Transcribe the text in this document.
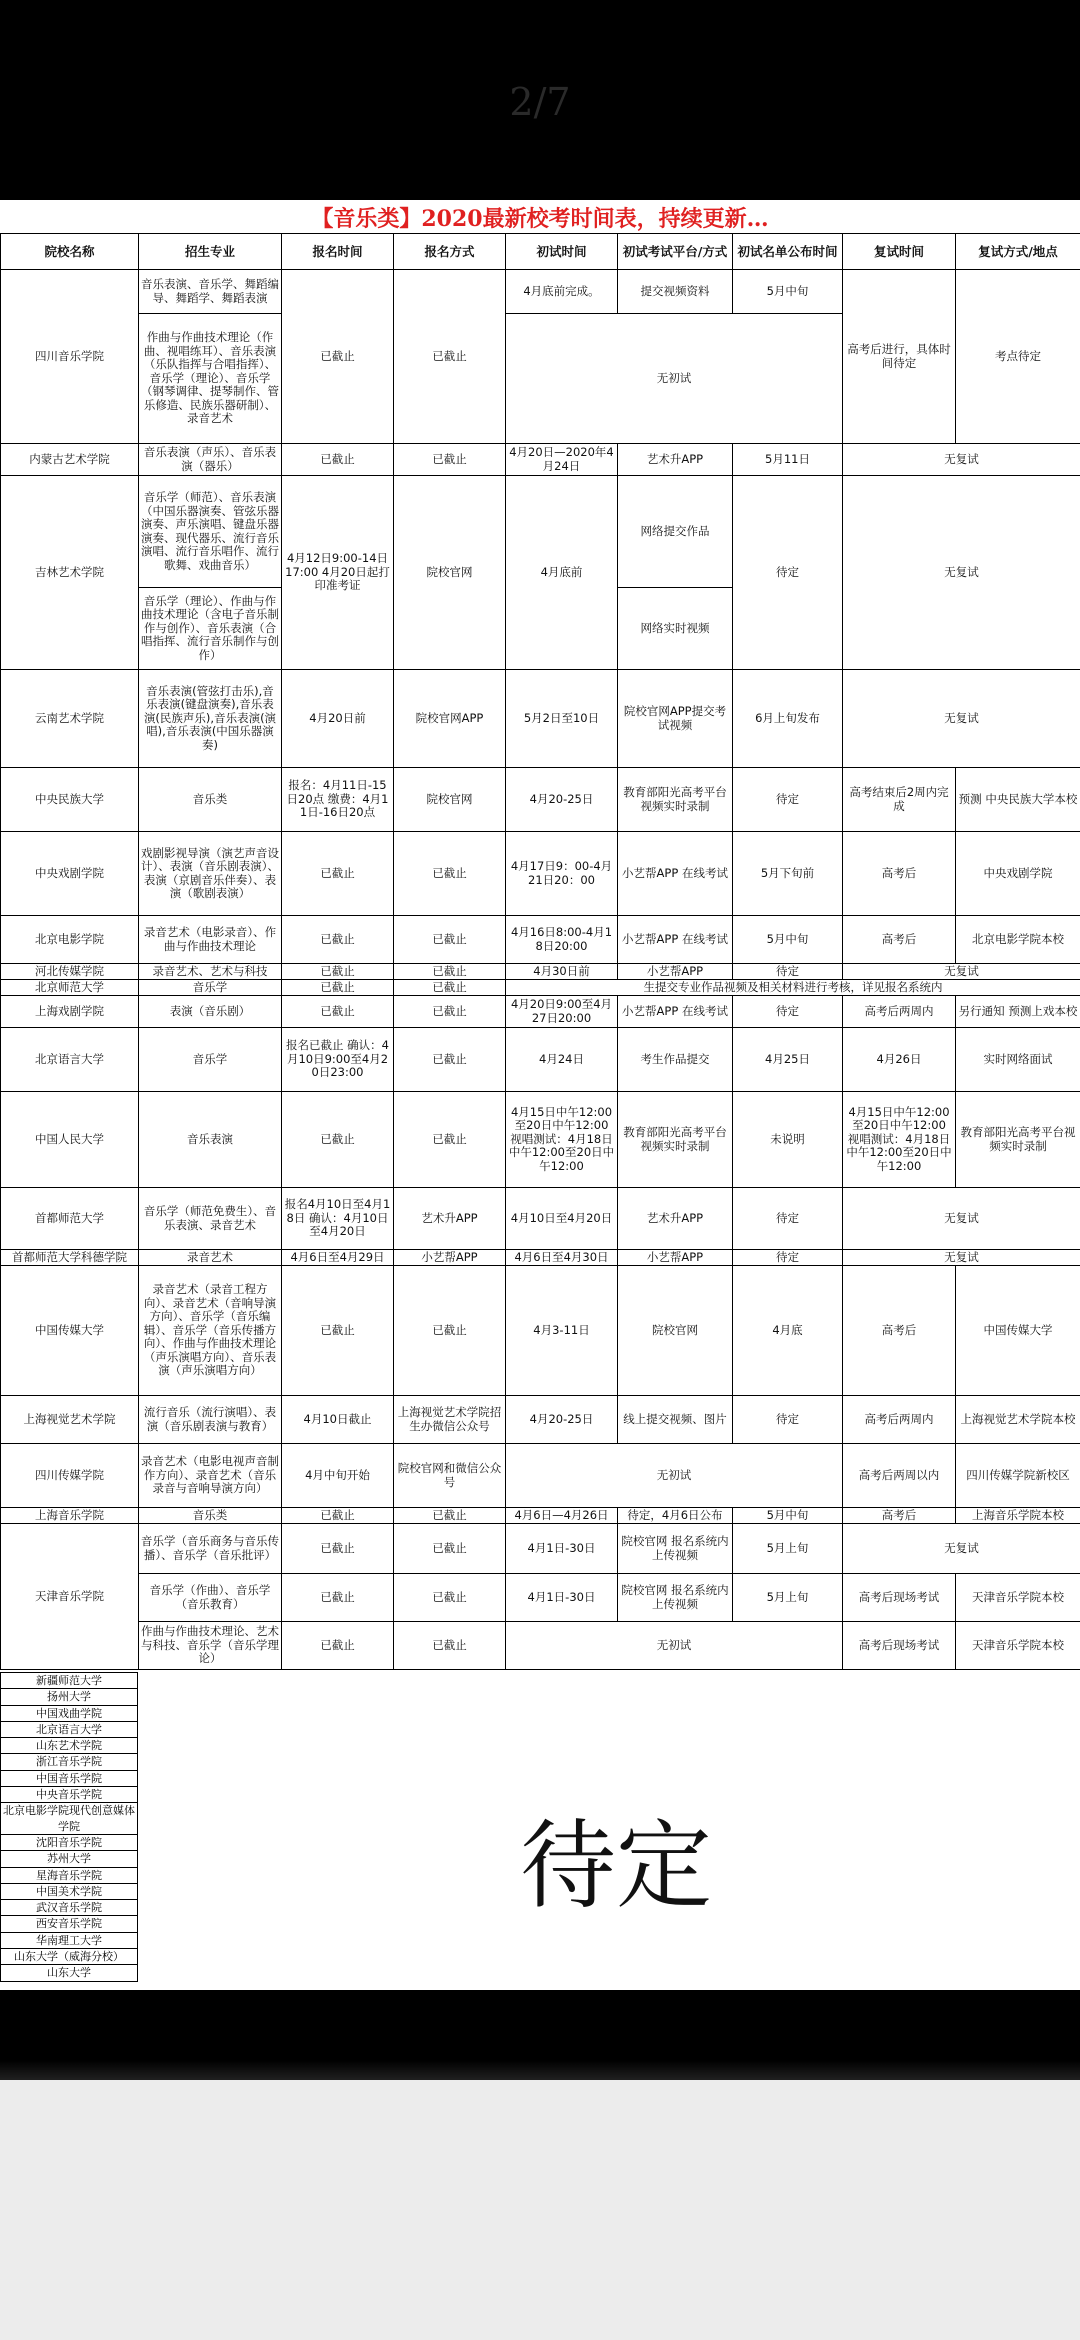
2/7
【音乐类】2020最新校考时间表，持续更新…
院校名称	招生专业	报名时间	报名方式	初试时间	初试考试平台/方式	初试名单公布时间	复试时间	复试方式/地点
四川音乐学院	音乐表演、音乐学、舞蹈编导、舞蹈学、舞蹈表演	已截止	已截止	4月底前完成。	提交视频资料	5月中旬	高考后进行，具体时间待定	考点待定
	作曲与作曲技术理论（作曲、视唱练耳）、音乐表演（乐队指挥与合唱指挥）、音乐学（理论）、音乐学（钢琴调律、提琴制作、管乐修造、民族乐器研制）、录音艺术			无初试				
内蒙古艺术学院	音乐表演（声乐）、音乐表演（器乐）	已截止	已截止	4月20日—2020年4月24日	艺术升APP	5月11日	无复试	
吉林艺术学院	音乐学（师范）、音乐表演（中国乐器演奏、管弦乐器演奏、声乐演唱、键盘乐器演奏、现代器乐、流行音乐演唱、流行音乐唱作、流行歌舞、戏曲音乐）	4月12日9:00-14日17:00 4月20日起打印准考证	院校官网	4月底前	网络提交作品	待定	无复试	
	音乐学（理论）、作曲与作曲技术理论（含电子音乐制作与创作）、音乐表演（合唱指挥、流行音乐制作与创作）				网络实时视频			
云南艺术学院	音乐表演(管弦打击乐),音乐表演(键盘演奏),音乐表演(民族声乐),音乐表演(演唱),音乐表演(中国乐器演奏)	4月20日前	院校官网APP	5月2日至10日	院校官网APP提交考试视频	6月上旬发布	无复试	
中央民族大学	音乐类	报名：4月11日-15日20点 缴费：4月11日-16日20点	院校官网	4月20-25日	教育部阳光高考平台视频实时录制	待定	高考结束后2周内完成	预测 中央民族大学本校
中央戏剧学院	戏剧影视导演（演艺声音设计）、表演（音乐剧表演）、表演（京剧音乐伴奏）、表演（歌剧表演）	已截止	已截止	4月17日9：00-4月21日20：00	小艺帮APP 在线考试	5月下旬前	高考后	中央戏剧学院
北京电影学院	录音艺术（电影录音）、作曲与作曲技术理论	已截止	已截止	4月16日8:00-4月18日20:00	小艺帮APP 在线考试	5月中旬	高考后	北京电影学院本校
河北传媒学院	录音艺术、艺术与科技	已截止	已截止	4月30日前	小艺帮APP	待定	无复试	
北京师范大学	音乐学	已截止	已截止	生提交专业作品视频及相关材料进行考核，详见报名系统内				
上海戏剧学院	表演（音乐剧）	已截止	已截止	4月20日9:00至4月27日20:00	小艺帮APP 在线考试	待定	高考后两周内	另行通知 预测上戏本校
北京语言大学	音乐学	报名已截止 确认：4月10日9:00至4月20日23:00	已截止	4月24日	考生作品提交	4月25日	4月26日	实时网络面试
中国人民大学	音乐表演	已截止	已截止	4月15日中午12:00至20日中午12:00 视唱测试：4月18日中午12:00至20日中午12:00	教育部阳光高考平台视频实时录制	未说明	4月15日中午12:00至20日中午12:00 视唱测试：4月18日中午12:00至20日中午12:00	教育部阳光高考平台视频实时录制
首都师范大学	音乐学（师范免费生）、音乐表演、录音艺术	报名4月10日至4月18日 确认：4月10日至4月20日	艺术升APP	4月10日至4月20日	艺术升APP	待定	无复试	
首都师范大学科德学院	录音艺术	4月6日至4月29日	小艺帮APP	4月6日至4月30日	小艺帮APP	待定	无复试	
中国传媒大学	录音艺术（录音工程方向）、录音艺术（音响导演方向）、音乐学（音乐编辑）、音乐学（音乐传播方向）、作曲与作曲技术理论（声乐演唱方向）、音乐表演（声乐演唱方向）	已截止	已截止	4月3-11日	院校官网	4月底	高考后	中国传媒大学
上海视觉艺术学院	流行音乐（流行演唱）、表演（音乐剧表演与教育）	4月10日截止	上海视觉艺术学院招生办微信公众号	4月20-25日	线上提交视频、图片	待定	高考后两周内	上海视觉艺术学院本校
四川传媒学院	录音艺术（电影电视声音制作方向）、录音艺术（音乐录音与音响导演方向）	4月中旬开始	院校官网和微信公众号	无初试			高考后两周以内	四川传媒学院新校区
上海音乐学院	音乐类	已截止	已截止	4月6日—4月26日	待定，4月6日公布	5月中旬	高考后	上海音乐学院本校
天津音乐学院	音乐学（音乐商务与音乐传播）、音乐学（音乐批评）	已截止	已截止	4月1日-30日	院校官网 报名系统内上传视频	5月上旬	无复试	
	音乐学（作曲）、音乐学（音乐教育）	已截止	已截止	4月1日-30日	院校官网 报名系统内上传视频	5月上旬	高考后现场考试	天津音乐学院本校
	作曲与作曲技术理论、艺术与科技、音乐学（音乐学理论）	已截止	已截止	无初试			高考后现场考试	天津音乐学院本校
新疆师范大学
扬州大学
中国戏曲学院
北京语言大学
山东艺术学院
浙江音乐学院
中国音乐学院
中央音乐学院
北京电影学院现代创意媒体学院
沈阳音乐学院
苏州大学
星海音乐学院
中国美术学院
武汉音乐学院
西安音乐学院
华南理工大学
山东大学（威海分校）
山东大学
待定
